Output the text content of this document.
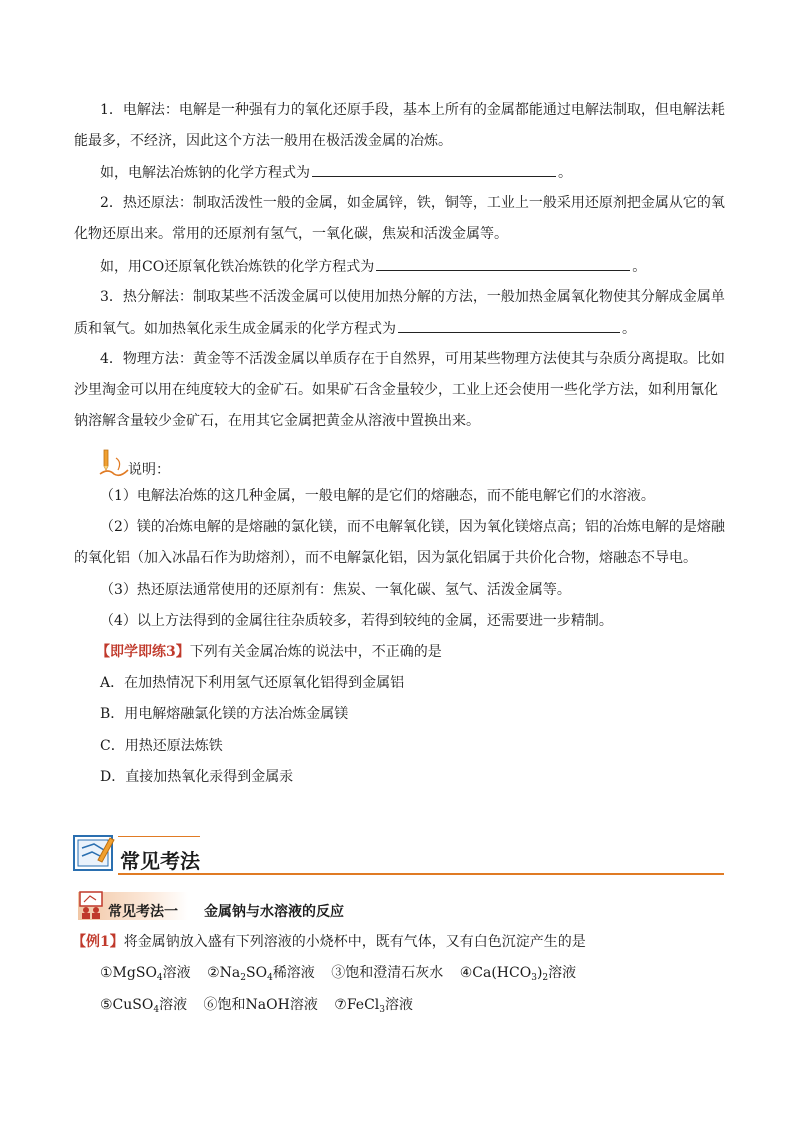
1．电解法：电解是一种强有力的氧化还原手段，基本上所有的金属都能通过电解法制取，但电解法耗
能最多，不经济，因此这个方法一般用在极活泼金属的冶炼。
如，电解法冶炼钠的化学方程式为	。
2．热还原法：制取活泼性一般的金属，如金属锌，铁，铜等，工业上一般采用还原剂把金属从它的氧
化物还原出来。常用的还原剂有氢气，一氧化碳，焦炭和活泼金属等。
如，用CO还原氧化铁冶炼铁的化学方程式为	。
3．热分解法：制取某些不活泼金属可以使用加热分解的方法，一般加热金属氧化物使其分解成金属单
质和氧气。如加热氧化汞生成金属汞的化学方程式为	。
4．物理方法：黄金等不活泼金属以单质存在于自然界，可用某些物理方法使其与杂质分离提取。比如
沙里淘金可以用在纯度较大的金矿石。如果矿石含金量较少，工业上还会使用一些化学方法，如利用氰化
钠溶解含量较少金矿石，在用其它金属把黄金从溶液中置换出来。
说明：
（1）电解法冶炼的这几种金属，一般电解的是它们的熔融态，而不能电解它们的水溶液。
（2）镁的冶炼电解的是熔融的氯化镁，而不电解氧化镁，因为氧化镁熔点高；铝的冶炼电解的是熔融
的氧化铝（加入冰晶石作为助熔剂），而不电解氯化铝，因为氯化铝属于共价化合物，熔融态不导电。
（3）热还原法通常使用的还原剂有：焦炭、一氧化碳、氢气、活泼金属等。
（4）以上方法得到的金属往往杂质较多，若得到较纯的金属，还需要进一步精制。
【即学即练3】下列有关金属冶炼的说法中，不正确的是
A．在加热情况下利用氢气还原氧化铝得到金属铝
B．用电解熔融氯化镁的方法冶炼金属镁
C．用热还原法炼铁
D．直接加热氧化汞得到金属汞
常见考法
常见考法一 金属钠与水溶液的反应
【例1】将金属钠放入盛有下列溶液的小烧杯中，既有气体，又有白色沉淀产生的是
①MgSO$_4$溶液 $②Na_2SO_4$稀溶液 ③饱和澄清石灰水 $④Ca(HCO_3)_2$溶液
⑤CuSO$_4$溶液 ⑥饱和NaOH溶液 ⑦FeCl$_3$溶液
